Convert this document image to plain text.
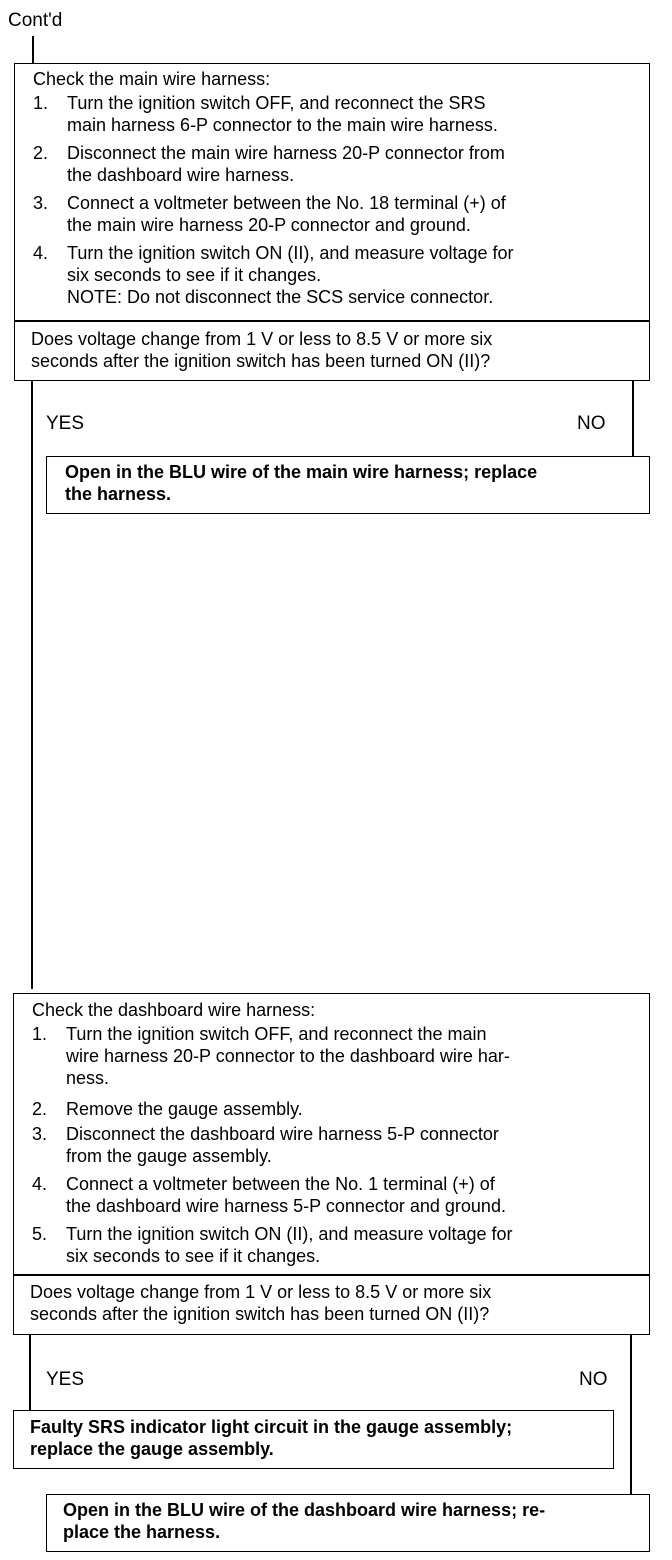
Cont'd
Check the main wire harness:
1. Turn the ignition switch OFF, and reconnect the SRS
main harness 6-P connector to the main wire harness.
2. Disconnect the main wire harness 20-P connector from
the dashboard wire harness.
3. Connect a voltmeter between the No. 18 terminal (+) of
the main wire harness 20-P connector and ground.
4. Turn the ignition switch ON (II), and measure voltage for
six seconds to see if it changes.
NOTE: Do not disconnect the SCS service connector.
Does voltage change from 1 V or less to 8.5 V or more six
seconds after the ignition switch has been turned ON (II)?
YES	NO
Open in the BLU wire of the main wire harness; replace
the harness.
Check the dashboard wire harness:
1. Turn the ignition switch OFF, and reconnect the main
wire harness 20-P connector to the dashboard wire har-
ness.
2. Remove the gauge assembly.
3. Disconnect the dashboard wire harness 5-P connector
from the gauge assembly.
4. Connect a voltmeter between the No. 1 terminal (+) of
the dashboard wire harness 5-P connector and ground.
5. Turn the ignition switch ON (II), and measure voltage for
six seconds to see if it changes.
Does voltage change from 1 V or less to 8.5 V or more six
seconds after the ignition switch has been turned ON (II)?
YES	NO
Faulty SRS indicator light circuit in the gauge assembly;
replace the gauge assembly.
Open in the BLU wire of the dashboard wire harness; re-
place the harness.
